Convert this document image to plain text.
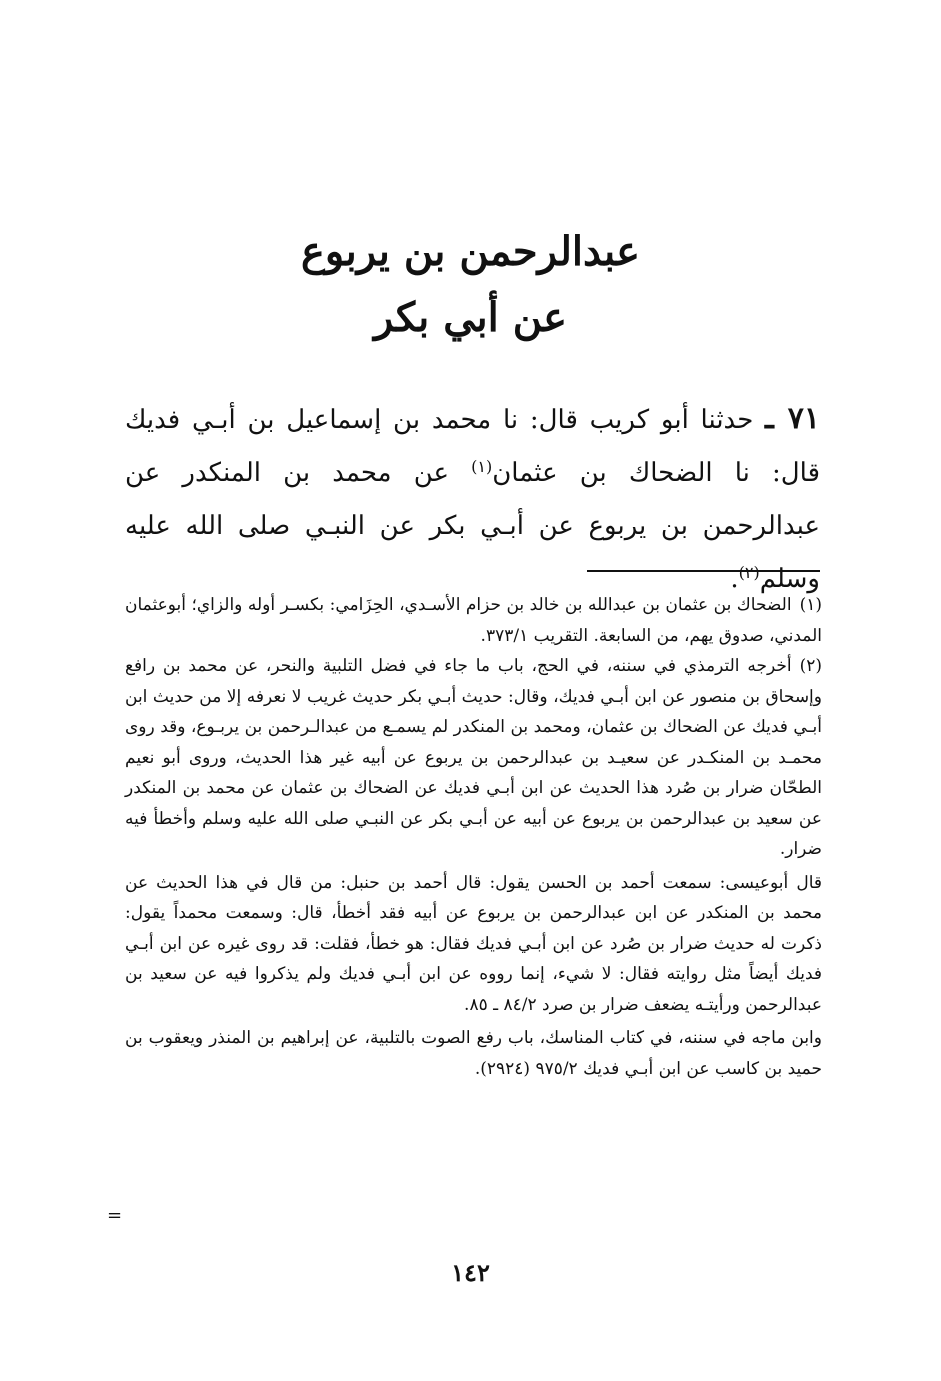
عبدالرحمن بن يربوع
عن أبي بكر
٧١ ـ حدثنا أبو كريب قال: نا محمد بن إسماعيل بن أبـي فديك قال: نا الضحاك بن عثمان$^{(١)}$ عن محمد بن المنكدر عن عبدالرحمن بن يربوع عن أبـي بكر عن النبـي صلى الله عليه وسلم$^{(٢)}$.

(١)الضحاك بن عثمان بن عبدالله بن خالد بن حزام الأسـدي، الحِزَامي: بكسـر أوله والزاي؛ أبوعثمان المدني، صدوق يهم، من السابعة. التقريب ٣٧٣/١.

(٢)أخرجه الترمذي في سننه، في الحج، باب ما جاء في فضل التلبية والنحر، عن محمد بن رافع وإسحاق بن منصور عن ابن أبـي فديك، وقال: حديث أبـي بكر حديث غريب لا نعرفه إلا من حديث ابن أبـي فديك عن الضحاك بن عثمان، ومحمد بن المنكدر لم يسمـع من عبدالـرحمن بن يربـوع، وقد روى محمـد بن المنكـدر عن سعيـد بن عبدالرحمن بن يربوع عن أبيه غير هذا الحديث، وروى أبو نعيم الطحّان ضرار بن صُرد هذا الحديث عن ابن أبـي فديك عن الضحاك بن عثمان عن محمد بن المنكدر عن سعيد بن عبدالرحمن بن يربوع عن أبيه عن أبـي بكر عن النبـي صلى الله عليه وسلم وأخطأ فيه ضرار.

قال أبوعيسى: سمعت أحمد بن الحسن يقول: قال أحمد بن حنبل: من قال في هذا الحديث عن محمد بن المنكدر عن ابن عبدالرحمن بن يربوع عن أبيه فقد أخطأ، قال: وسمعت محمداً يقول: ذكرت له حديث ضرار بن صُرد عن ابن أبـي فديك فقال: هو خطأ، فقلت: قد روى غيره عن ابن أبـي فديك أيضاً مثل روايته فقال: لا شيء، إنما رووه عن ابن أبـي فديك ولم يذكروا فيه عن سعيد بن عبدالرحمن ورأيتـه يضعف ضرار بن صرد ٨٤/٢ ـ ٨٥.

وابن ماجه في سننه، في كتاب المناسك، باب رفع الصوت بالتلبية، عن إبراهيم بن المنذر ويعقوب بن حميد بن كاسب عن ابن أبـي فديك ٩٧٥/٢ (٢٩٢٤).

=
١٤٢
